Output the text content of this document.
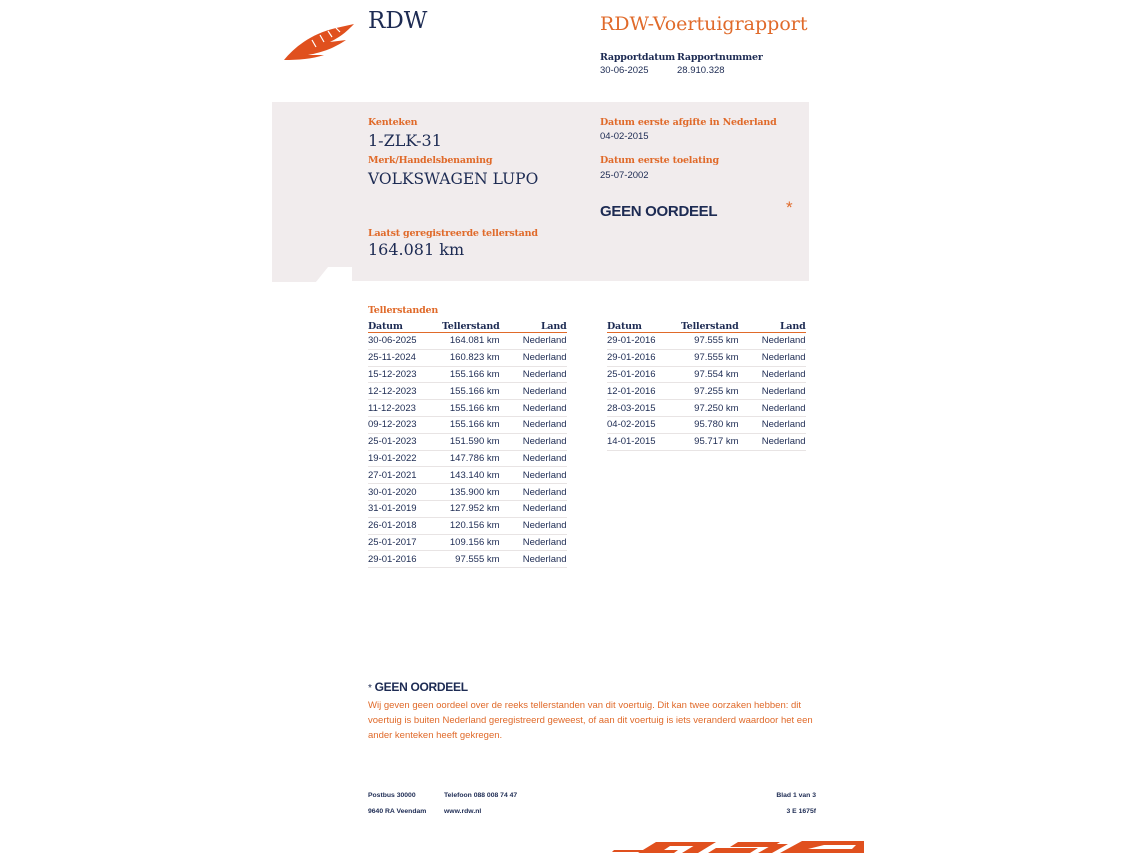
RDW	RDW-Voertuigrapport
Rapportdatum
30-06-2025
Rapportnummer
28.910.328
Kenteken
1-ZLK-31
Merk/Handelsbenaming
VOLKSWAGEN LUPO
Laatst geregistreerde tellerstand
164.081 km
Datum eerste afgifte in Nederland
04-02-2015
Datum eerste toelating
25-07-2002
GEEN OORDEEL	*
Tellerstanden
Datum	Tellerstand	Land
30-06-2025	164.081 km	Nederland
25-11-2024	160.823 km	Nederland
15-12-2023	155.166 km	Nederland
12-12-2023	155.166 km	Nederland
11-12-2023	155.166 km	Nederland
09-12-2023	155.166 km	Nederland
25-01-2023	151.590 km	Nederland
19-01-2022	147.786 km	Nederland
27-01-2021	143.140 km	Nederland
30-01-2020	135.900 km	Nederland
31-01-2019	127.952 km	Nederland
26-01-2018	120.156 km	Nederland
25-01-2017	109.156 km	Nederland
29-01-2016	97.555 km	Nederland
Datum	Tellerstand	Land
29-01-2016	97.555 km	Nederland
29-01-2016	97.555 km	Nederland
25-01-2016	97.554 km	Nederland
12-01-2016	97.255 km	Nederland
28-03-2015	97.250 km	Nederland
04-02-2015	95.780 km	Nederland
14-01-2015	95.717 km	Nederland
* GEEN OORDEEL
Wij geven geen oordeel over de reeks tellerstanden van dit voertuig. Dit kan twee oorzaken hebben: dit voertuig is buiten Nederland geregistreerd geweest, of aan dit voertuig is iets veranderd waardoor het een ander kenteken heeft gekregen.
Postbus 30000
9640 RA Veendam
Telefoon 088 008 74 47
www.rdw.nl
Blad 1 van 3
3 E 1675f
